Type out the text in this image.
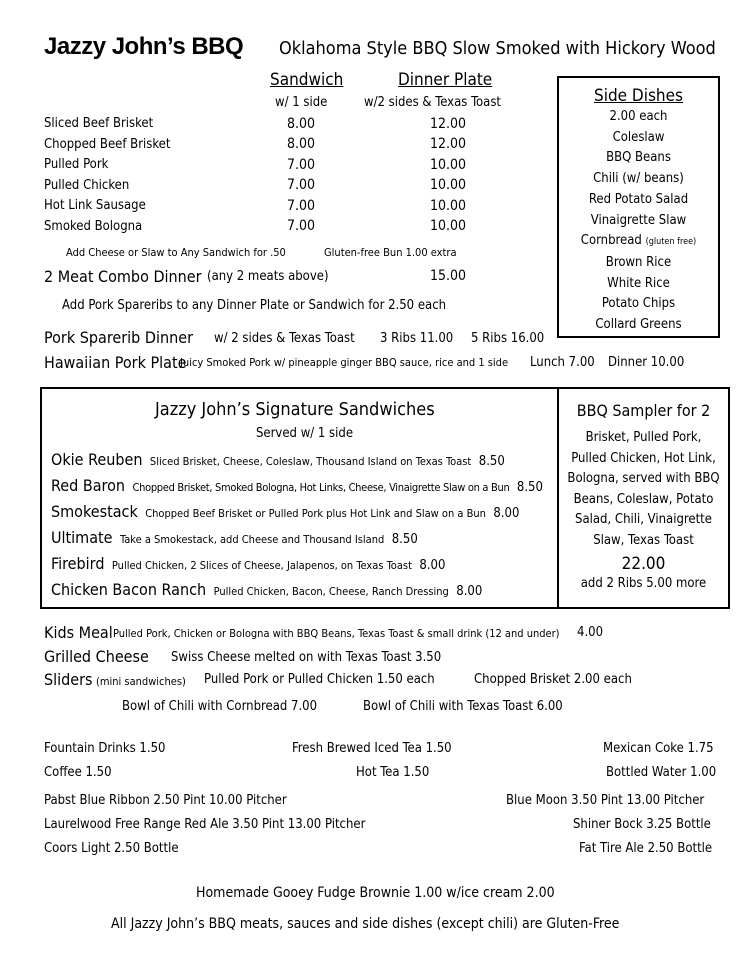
Jazzy John’s BBQ Oklahoma Style BBQ Slow Smoked with Hickory Wood
Sandwich
w/ 1 side
Dinner Plate
w/2 sides & Texas Toast
Sliced Beef Brisket	8.00	12.00
Chopped Beef Brisket	8.00	12.00
Pulled Pork	7.00	10.00
Pulled Chicken	7.00	10.00
Hot Link Sausage	7.00	10.00
Smoked Bologna	7.00	10.00
Add Cheese or Slaw to Any Sandwich for .50	Gluten-free Bun 1.00 extra
2 Meat Combo Dinner (any 2 meats above)	15.00
Add Pork Spareribs to any Dinner Plate or Sandwich for 2.50 each
Pork Sparerib Dinner w/ 2 sides & Texas Toast 3 Ribs 11.00 5 Ribs 16.00
Hawaiian Pork Plate
Juicy Smoked Pork w/ pineapple ginger BBQ sauce, rice and 1 side Lunch 7.00 Dinner 10.00
Side Dishes
2.00 each
Coleslaw
BBQ Beans
Chili (w/ beans)
Red Potato Salad
Vinaigrette Slaw
Cornbread (gluten free)
Brown Rice
White Rice
Potato Chips
Collard Greens
Jazzy John’s Signature Sandwiches
Served w/ 1 side
Okie Reuben Sliced Brisket, Cheese, Coleslaw, Thousand Island on Texas Toast 8.50
Red Baron Chopped Brisket, Smoked Bologna, Hot Links, Cheese, Vinaigrette Slaw on a Bun 8.50
Smokestack Chopped Beef Brisket or Pulled Pork plus Hot Link and Slaw on a Bun 8.00
Ultimate Take a Smokestack, add Cheese and Thousand Island 8.50
Firebird Pulled Chicken, 2 Slices of Cheese, Jalapenos, on Texas Toast 8.00
Chicken Bacon Ranch Pulled Chicken, Bacon, Cheese, Ranch Dressing 8.00
BBQ Sampler for 2
Brisket, Pulled Pork,
Pulled Chicken, Hot Link,
Bologna, served with BBQ
Beans, Coleslaw, Potato
Salad, Chili, Vinaigrette
Slaw, Texas Toast
22.00
add 2 Ribs 5.00 more
Kids Meal Pulled Pork, Chicken or Bologna with BBQ Beans, Texas Toast & small drink (12 and under) 4.00
Grilled Cheese Swiss Cheese melted on with Texas Toast 3.50
Sliders (mini sandwiches) Pulled Pork or Pulled Chicken 1.50 each	Chopped Brisket 2.00 each
Bowl of Chili with Cornbread 7.00	Bowl of Chili with Texas Toast 6.00
Fountain Drinks 1.50	Fresh Brewed Iced Tea 1.50	Mexican Coke 1.75
Coffee 1.50	Hot Tea 1.50	Bottled Water 1.00
Pabst Blue Ribbon 2.50 Pint 10.00 Pitcher	Blue Moon 3.50 Pint 13.00 Pitcher
Laurelwood Free Range Red Ale 3.50 Pint 13.00 Pitcher	Shiner Bock 3.25 Bottle
Coors Light 2.50 Bottle	Fat Tire Ale 2.50 Bottle
Homemade Gooey Fudge Brownie 1.00 w/ice cream 2.00
All Jazzy John’s BBQ meats, sauces and side dishes (except chili) are Gluten-Free
